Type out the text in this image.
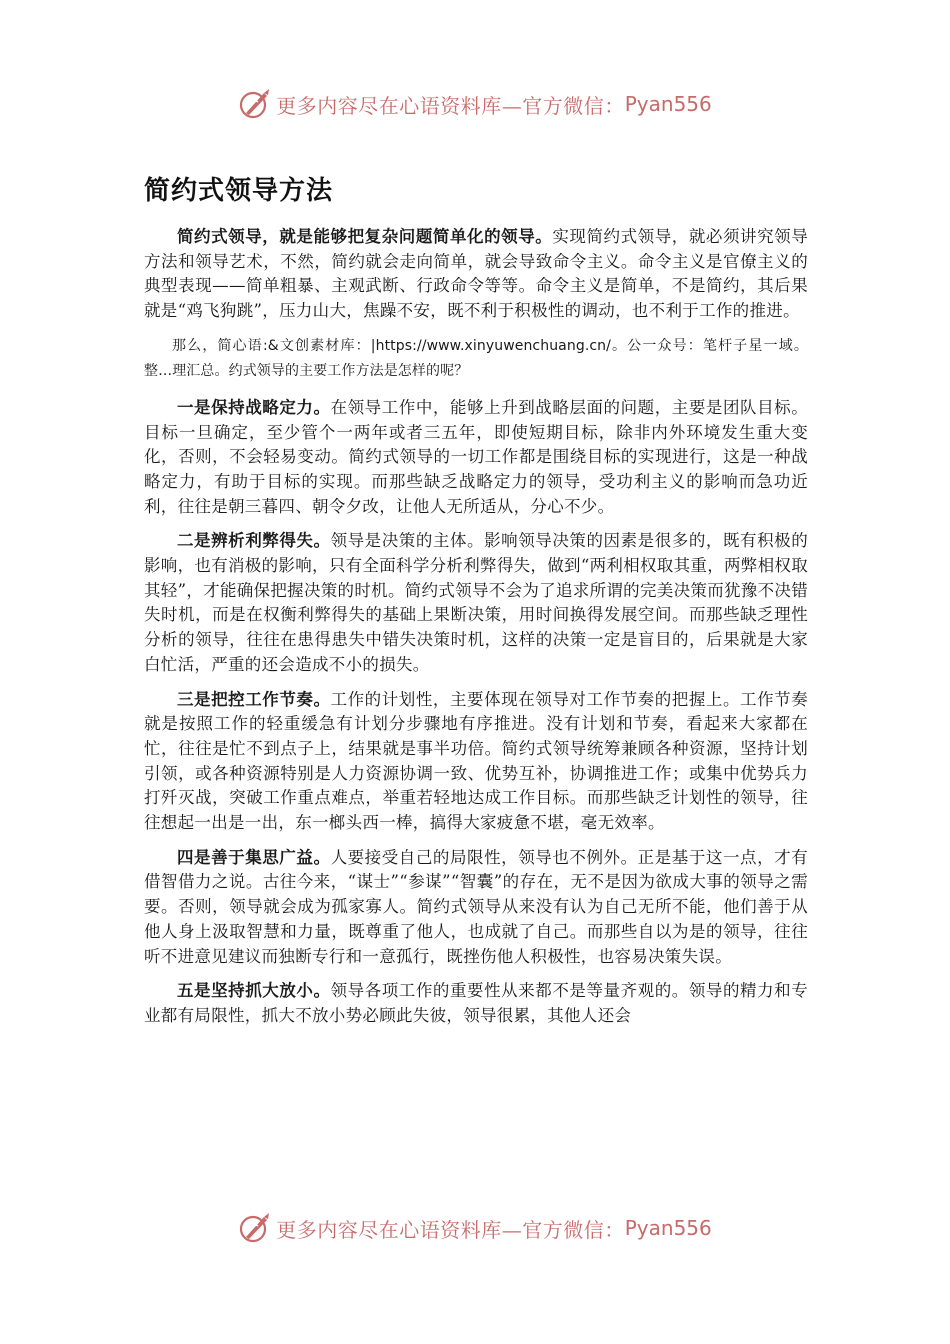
更多内容尽在心语资料库—官方微信： Pyan556
简约式领导方法

简约式领导，就是能够把复杂问题简单化的领导。实现简约式领导，就必须讲究领导方法和领导艺术，不然，简约就会走向简单，就会导致命令主义。命令主义是官僚主义的典型表现——简单粗暴、主观武断、行政命令等等。命令主义是简单，不是简约，其后果就是“鸡飞狗跳”，压力山大，焦躁不安，既不利于积极性的调动，也不利于工作的推进。

那么，简心语:&文创素材库：|https://www.xinyuwenchuang.cn/。公一众号：笔杆子星一域。整…理汇总。约式领导的主要工作方法是怎样的呢？

一是保持战略定力。在领导工作中，能够上升到战略层面的问题，主要是团队目标。目标一旦确定，至少管个一两年或者三五年，即使短期目标，除非内外环境发生重大变化，否则，不会轻易变动。简约式领导的一切工作都是围绕目标的实现进行，这是一种战略定力，有助于目标的实现。而那些缺乏战略定力的领导，受功利主义的影响而急功近利，往往是朝三暮四、朝令夕改，让他人无所适从，分心不少。

二是辨析利弊得失。领导是决策的主体。影响领导决策的因素是很多的，既有积极的影响，也有消极的影响，只有全面科学分析利弊得失，做到“两利相权取其重，两弊相权取其轻”，才能确保把握决策的时机。简约式领导不会为了追求所谓的完美决策而犹豫不决错失时机，而是在权衡利弊得失的基础上果断决策，用时间换得发展空间。而那些缺乏理性分析的领导，往往在患得患失中错失决策时机，这样的决策一定是盲目的，后果就是大家白忙活，严重的还会造成不小的损失。

三是把控工作节奏。工作的计划性，主要体现在领导对工作节奏的把握上。工作节奏就是按照工作的轻重缓急有计划分步骤地有序推进。没有计划和节奏，看起来大家都在忙，往往是忙不到点子上，结果就是事半功倍。简约式领导统筹兼顾各种资源，坚持计划引领，或各种资源特别是人力资源协调一致、优势互补，协调推进工作；或集中优势兵力打歼灭战，突破工作重点难点，举重若轻地达成工作目标。而那些缺乏计划性的领导，往往想起一出是一出，东一榔头西一棒，搞得大家疲惫不堪，毫无效率。

四是善于集思广益。人要接受自己的局限性，领导也不例外。正是基于这一点，才有借智借力之说。古往今来，“谋士”“参谋”“智囊”的存在，无不是因为欲成大事的领导之需要。否则，领导就会成为孤家寡人。简约式领导从来没有认为自己无所不能，他们善于从他人身上汲取智慧和力量，既尊重了他人，也成就了自己。而那些自以为是的领导，往往听不进意见建议而独断专行和一意孤行，既挫伤他人积极性，也容易决策失误。

五是坚持抓大放小。领导各项工作的重要性从来都不是等量齐观的。领导的精力和专业都有局限性，抓大不放小势必顾此失彼，领导很累，其他人还会

更多内容尽在心语资料库—官方微信： Pyan556
